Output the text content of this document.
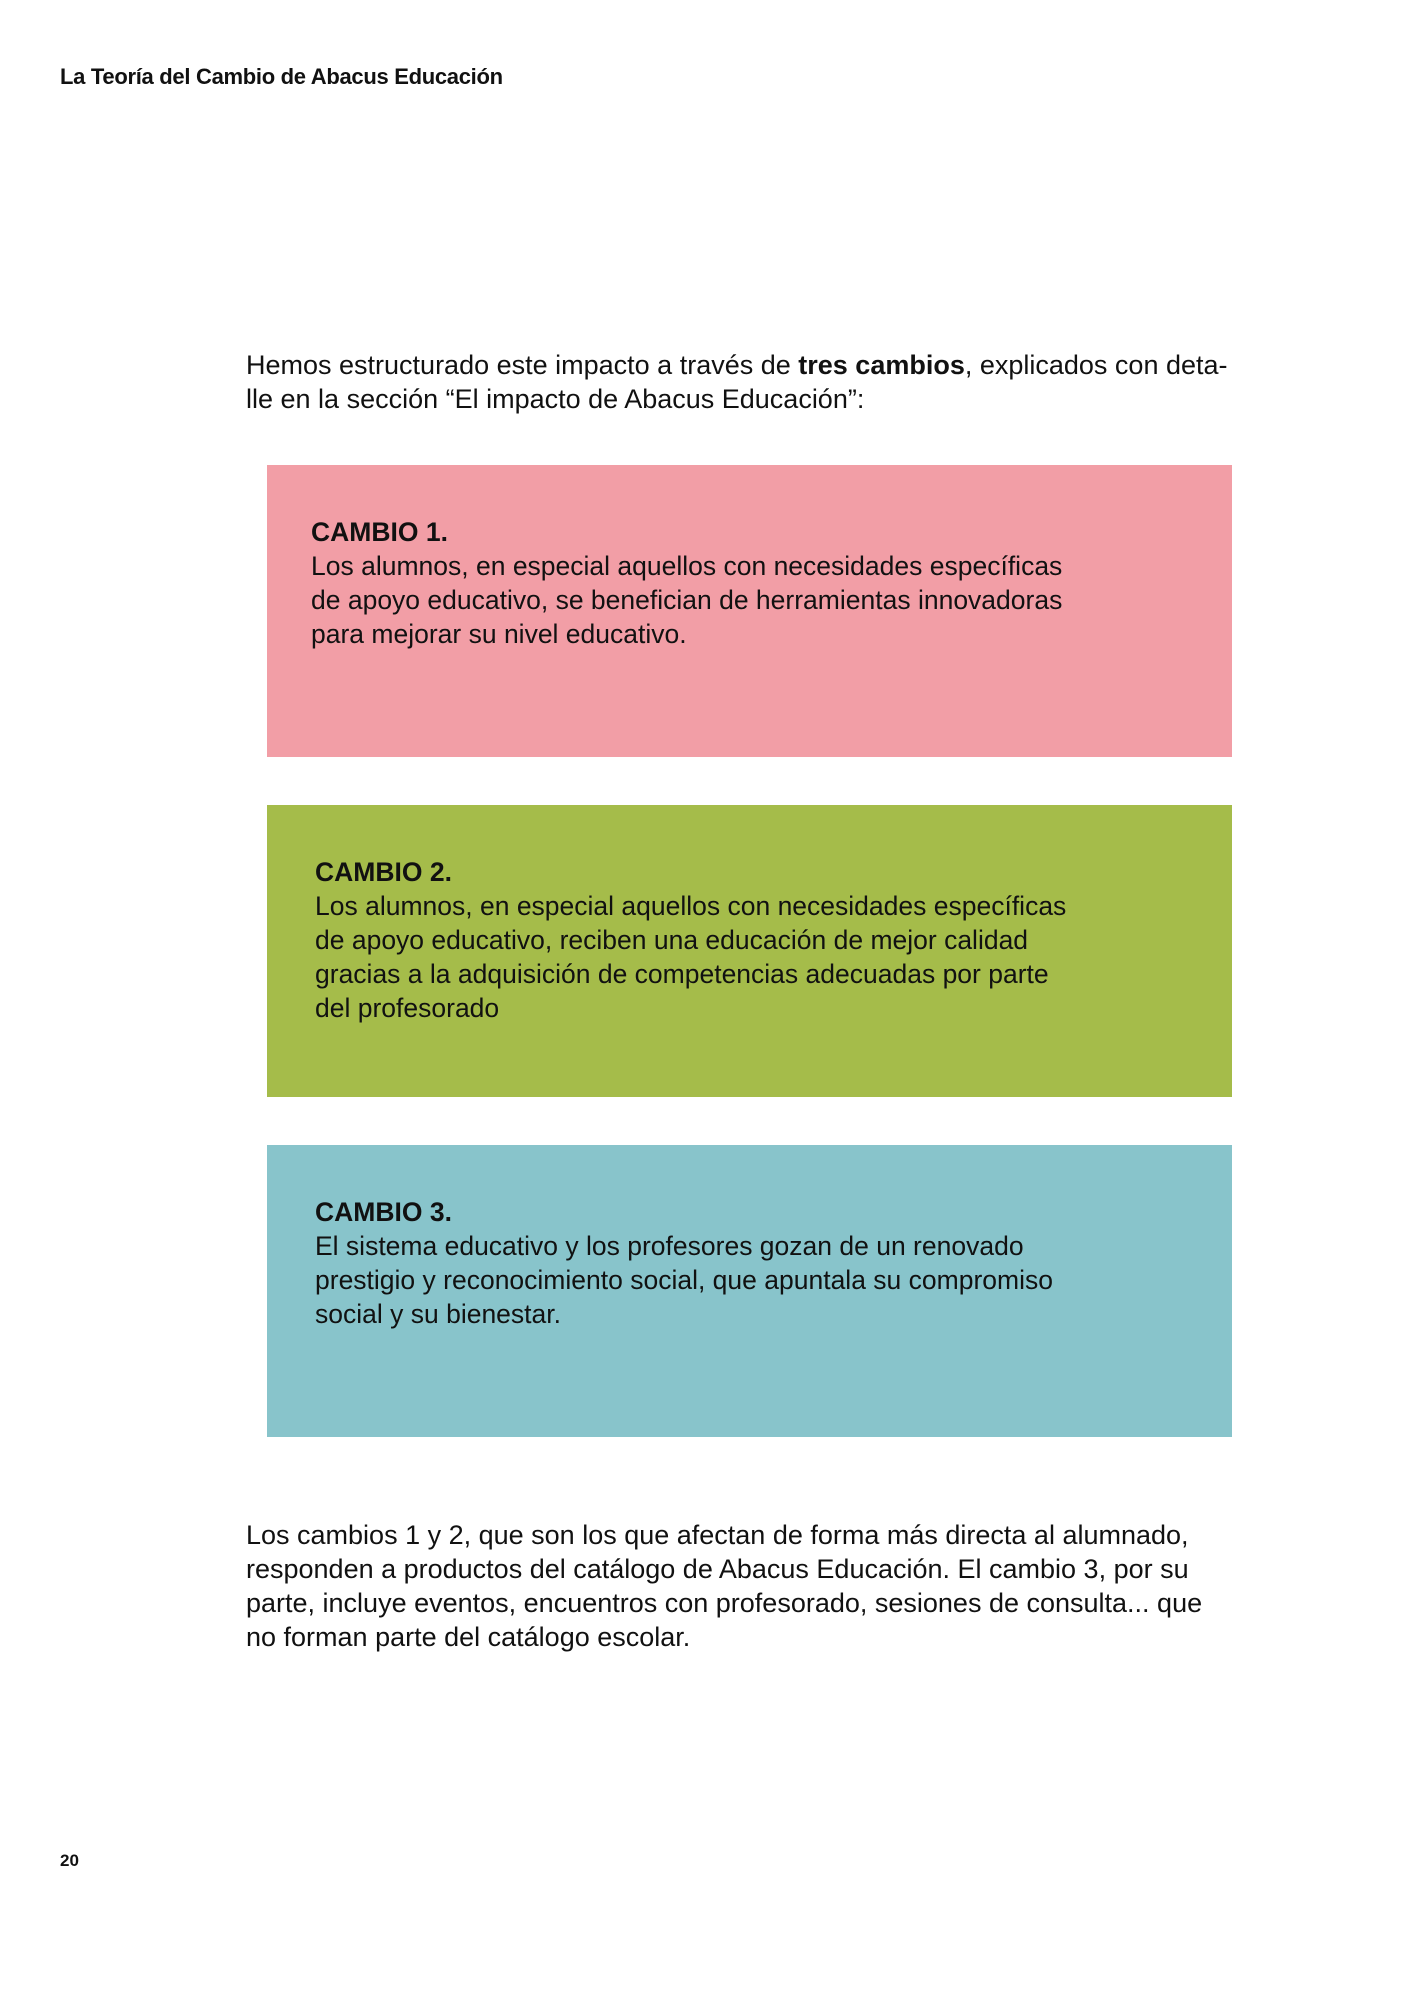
La Teoría del Cambio de Abacus Educación
Hemos estructurado este impacto a través de tres cambios, explicados con deta-
lle en la sección “El impacto de Abacus Educación”:
CAMBIO 1.
Los alumnos, en especial aquellos con necesidades específicas
de apoyo educativo, se benefician de herramientas innovadoras
para mejorar su nivel educativo.
CAMBIO 2.
Los alumnos, en especial aquellos con necesidades específicas
de apoyo educativo, reciben una educación de mejor calidad
gracias a la adquisición de competencias adecuadas por parte
del profesorado
CAMBIO 3.
El sistema educativo y los profesores gozan de un renovado
prestigio y reconocimiento social, que apuntala su compromiso
social y su bienestar.
Los cambios 1 y 2, que son los que afectan de forma más directa al alumnado,
responden a productos del catálogo de Abacus Educación. El cambio 3, por su
parte, incluye eventos, encuentros con profesorado, sesiones de consulta... que
no forman parte del catálogo escolar.
20
